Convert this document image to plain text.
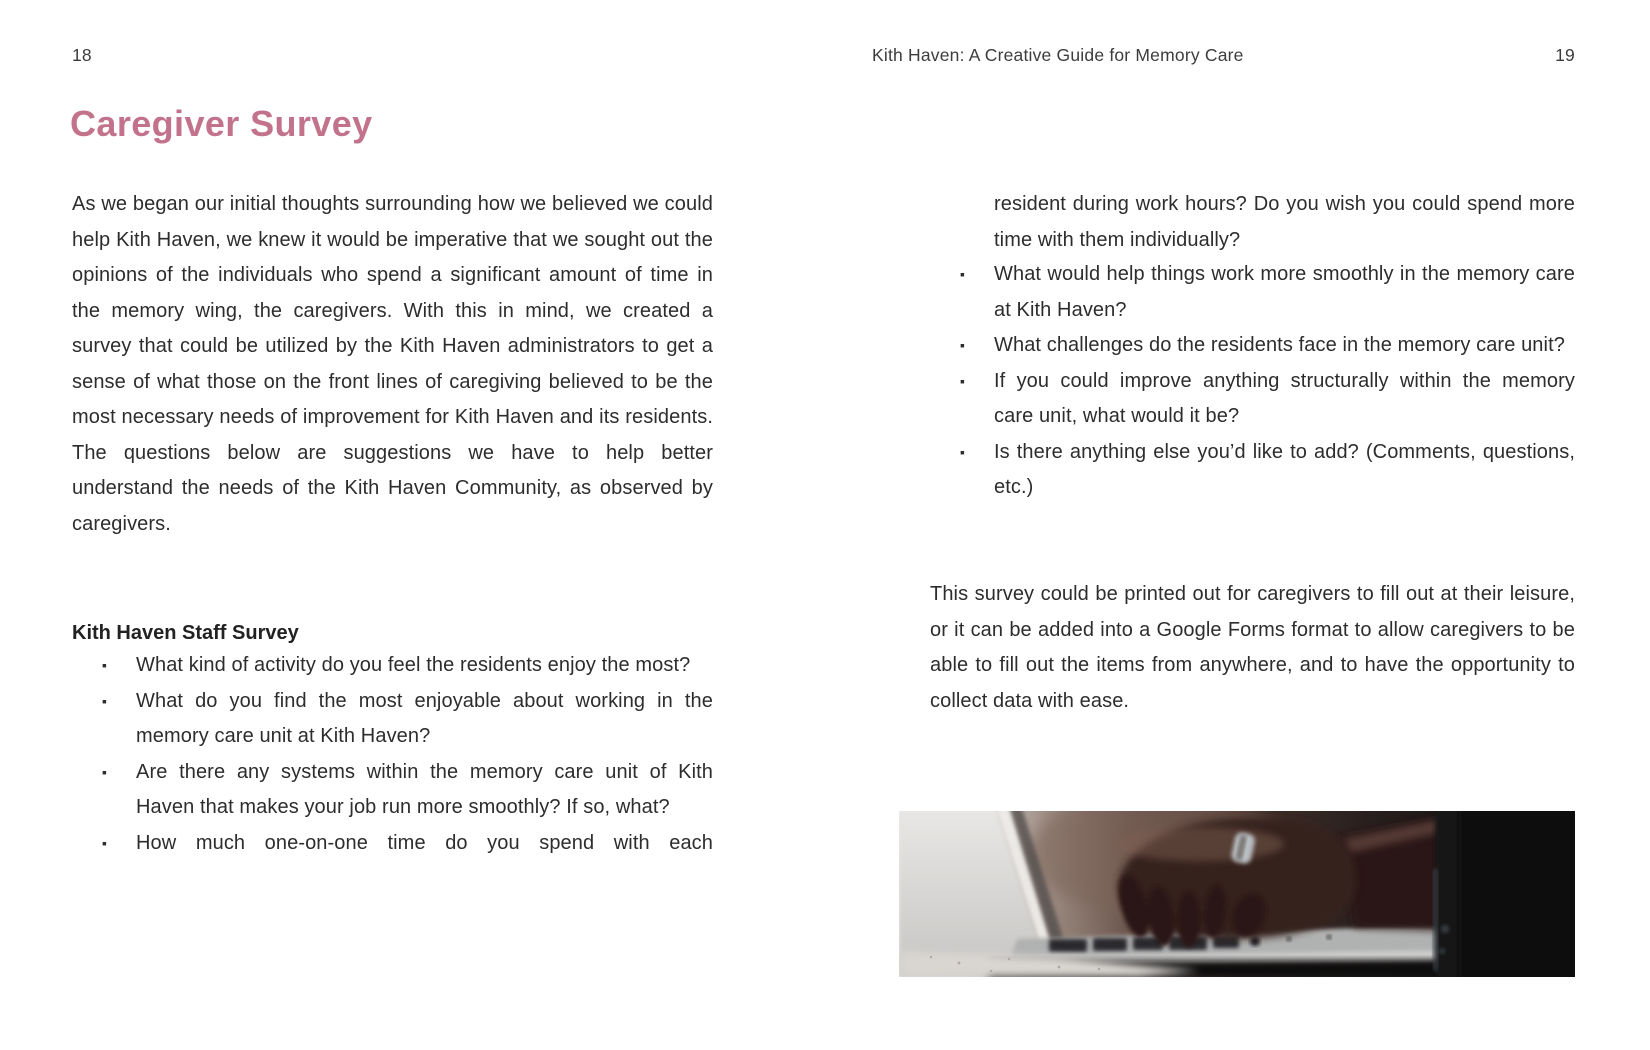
18	Kith Haven: A Creative Guide for Memory Care	19
Caregiver Survey

As we began our initial thoughts surrounding how we believed we could help Kith Haven, we knew it would be imperative that we sought out the opinions of the individuals who spend a significant amount of time in the memory wing, the caregivers. With this in mind, we created a survey that could be utilized by the Kith Haven administrators to get a sense of what those on the front lines of caregiving believed to be the most necessary needs of improvement for Kith Haven and its residents. The questions below are suggestions we have to help better understand the needs of the Kith Haven Community, as observed by caregivers.

Kith Haven Staff Survey
▪ What kind of activity do you feel the residents enjoy the most?
▪ What do you find the most enjoyable about working in the memory care unit at Kith Haven?
▪ Are there any systems within the memory care unit of Kith Haven that makes your job run more smoothly? If so, what?
▪ How much one-on-one time do you spend with each

resident during work hours? Do you wish you could spend more time with them individually?

▪ What would help things work more smoothly in the memory care at Kith Haven?
▪ What challenges do the residents face in the memory care unit?
▪ If you could improve anything structurally within the memory care unit, what would it be?
▪ Is there anything else you’d like to add? (Comments, questions, etc.)

This survey could be printed out for caregivers to fill out at their leisure, or it can be added into a Google Forms format to allow caregivers to be able to fill out the items from anywhere, and to have the opportunity to collect data with ease.
